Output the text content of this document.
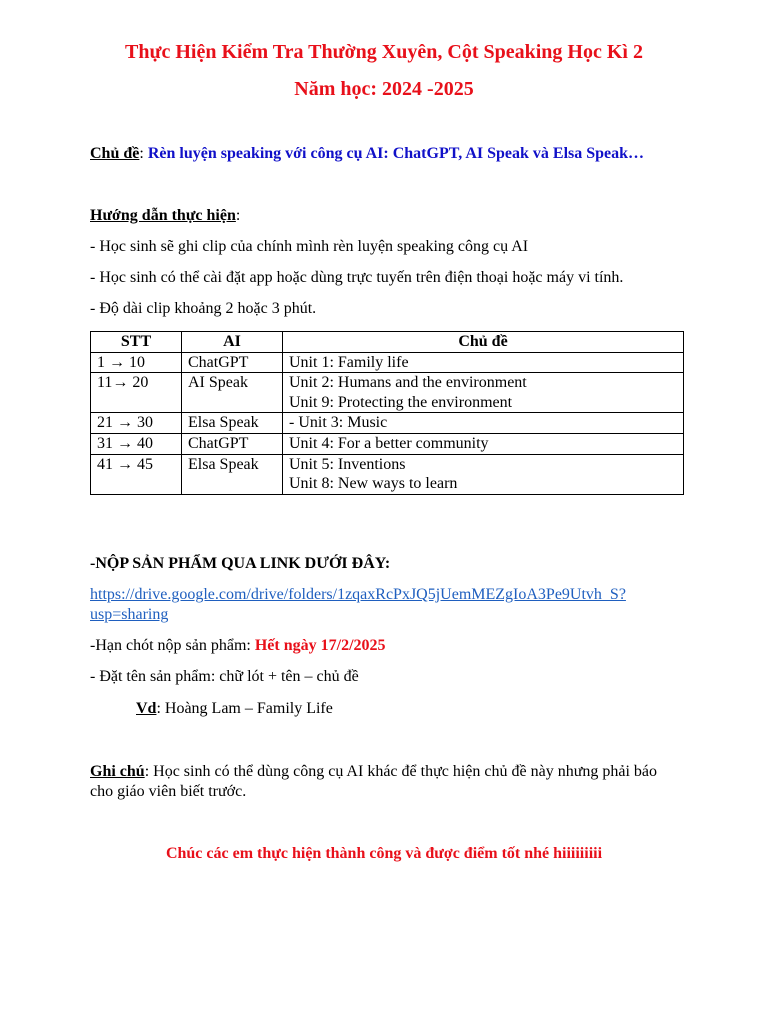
Thực Hiện Kiểm Tra Thường Xuyên, Cột Speaking Học Kì 2
Năm học: 2024 -2025
Chủ đề: Rèn luyện speaking với công cụ AI: ChatGPT, AI Speak và Elsa Speak…
Hướng dẫn thực hiện:
- Học sinh sẽ ghi clip của chính mình rèn luyện speaking công cụ AI
- Học sinh có thể cài đặt app hoặc dùng trực tuyến trên điện thoại hoặc máy vi tính.
- Độ dài clip khoảng 2 hoặc 3 phút.
STT	AI	Chủ đề
1 → 10	ChatGPT	Unit 1: Family life

11→ 20	AI Speak	Unit 2: Humans and the environment
Unit 9: Protecting the environment

21 → 30	Elsa Speak	- Unit 3: Music

31 → 40	ChatGPT	Unit 4: For a better community

41 → 45	Elsa Speak	Unit 5: Inventions
Unit 8: New ways to learn
-NỘP SẢN PHẨM QUA LINK DƯỚI ĐÂY:
https://drive.google.com/drive/folders/1zqaxRcPxJQ5jUemMEZgIoA3Pe9Utvh_S?
usp=sharing
-Hạn chót nộp sản phẩm: Hết ngày 17/2/2025
- Đặt tên sản phẩm: chữ lót + tên – chủ đề
Vd: Hoàng Lam – Family Life
Ghi chú: Học sinh có thể dùng công cụ AI khác để thực hiện chủ đề này nhưng phải báo
cho giáo viên biết trước.
Chúc các em thực hiện thành công và được điểm tốt nhé hiiiiiiiii
